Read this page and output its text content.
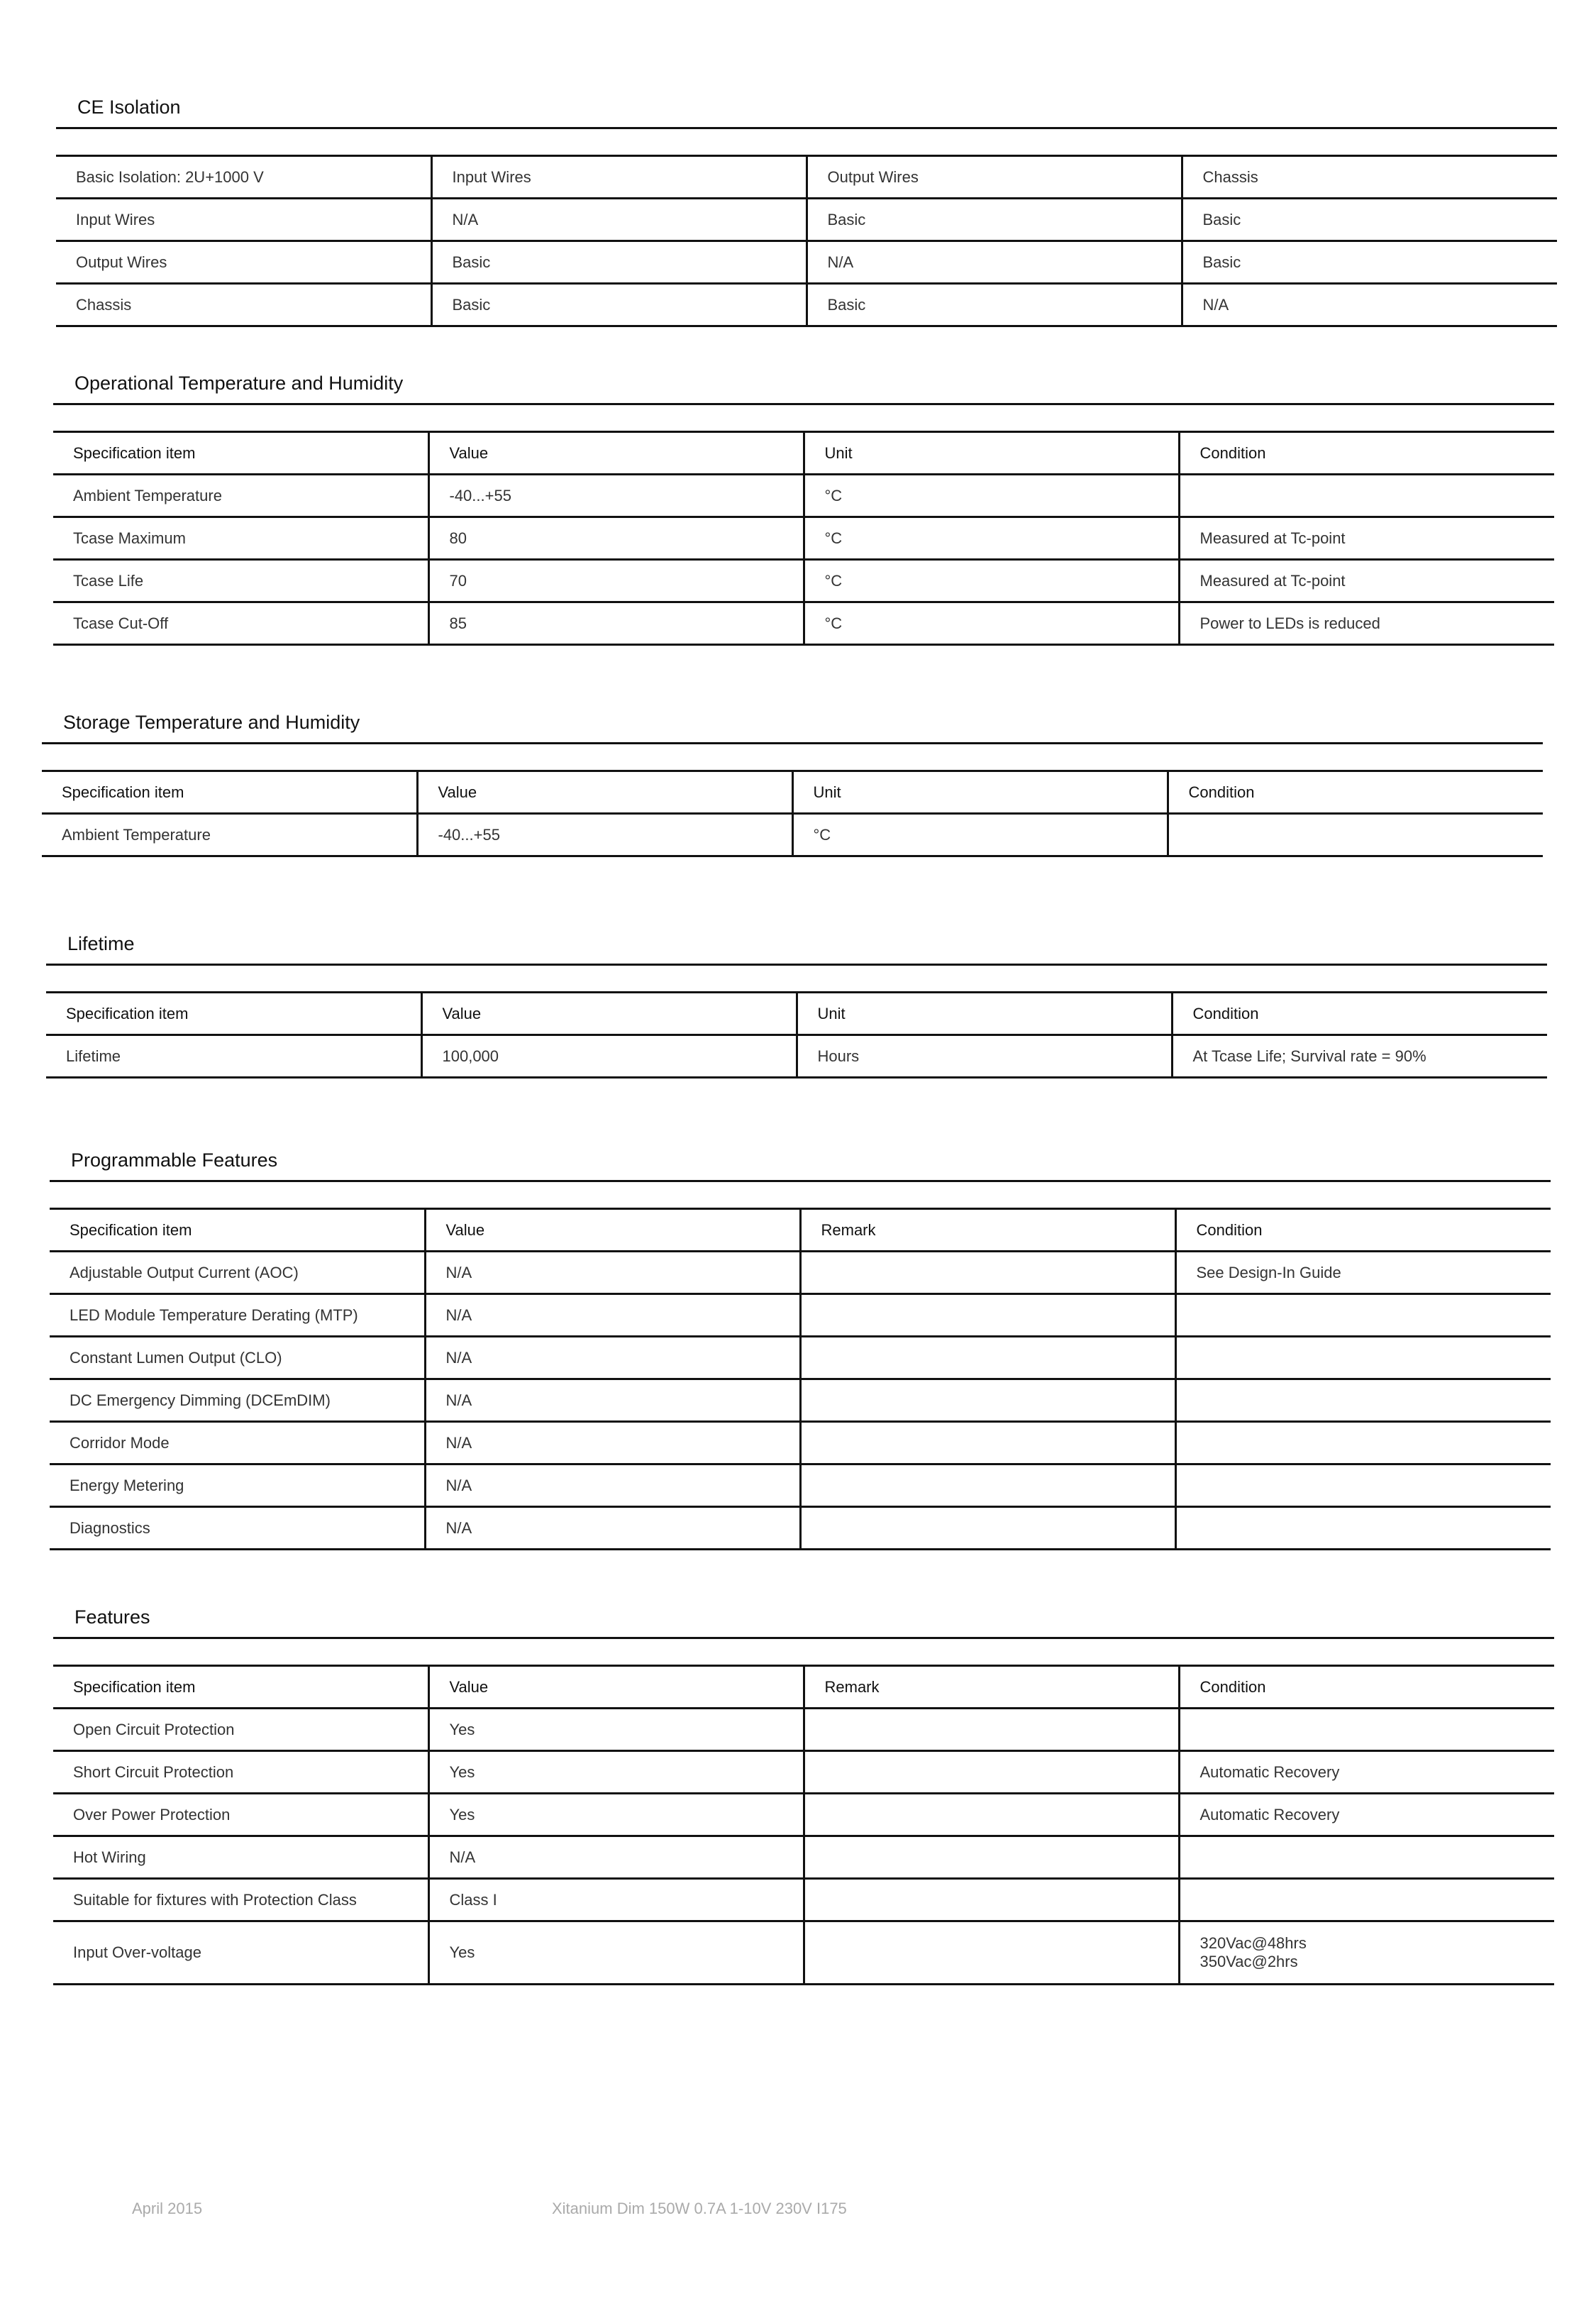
CE Isolation
Basic Isolation: 2U+1000 V	Input Wires	Output Wires	Chassis
Input Wires	N/A	Basic	Basic
Output Wires	Basic	N/A	Basic
Chassis	Basic	Basic	N/A
Operational Temperature and Humidity
Specification item	Value	Unit	Condition
Ambient Temperature	-40...+55	°C	
Tcase Maximum	80	°C	Measured at Tc-point
Tcase Life	70	°C	Measured at Tc-point
Tcase Cut-Off	85	°C	Power to LEDs is reduced
Storage Temperature and Humidity
Specification item	Value	Unit	Condition
Ambient Temperature	-40...+55	°C	
Lifetime
Specification item	Value	Unit	Condition
Lifetime	100,000	Hours	At Tcase Life; Survival rate = 90%
Programmable Features
Specification item	Value	Remark	Condition
Adjustable Output Current (AOC)	N/A		See Design-In Guide
LED Module Temperature Derating (MTP)	N/A		
Constant Lumen Output (CLO)	N/A		
DC Emergency Dimming (DCEmDIM)	N/A		
Corridor Mode	N/A		
Energy Metering	N/A		
Diagnostics	N/A		
Features
Specification item	Value	Remark	Condition
Open Circuit Protection	Yes		
Short Circuit Protection	Yes		Automatic Recovery
Over Power Protection	Yes		Automatic Recovery
Hot Wiring	N/A		
Suitable for fixtures with Protection Class	Class I		
Input Over-voltage	Yes		320Vac@48hrs
350Vac@2hrs
April 2015	Xitanium Dim 150W 0.7A 1-10V 230V I175
